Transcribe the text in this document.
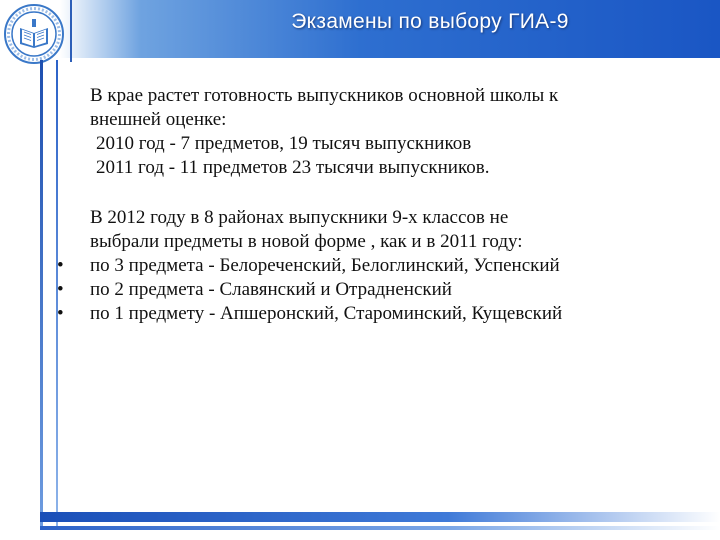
Экзамены по выбору ГИА-9
В крае растет готовность выпускников основной школы к
внешней оценке:
2010 год - 7 предметов, 19 тысяч выпускников
2011 год - 11 предметов 23 тысячи выпускников.
В 2012 году в 8 районах выпускники 9-х классов не
выбрали предметы в новой форме , как и в 2011 году:
• по 3 предмета - Белореченский, Белоглинский, Успенский
• по 2 предмета - Славянский и Отрадненский
• по 1 предмету - Апшеронский, Староминский, Кущевский
